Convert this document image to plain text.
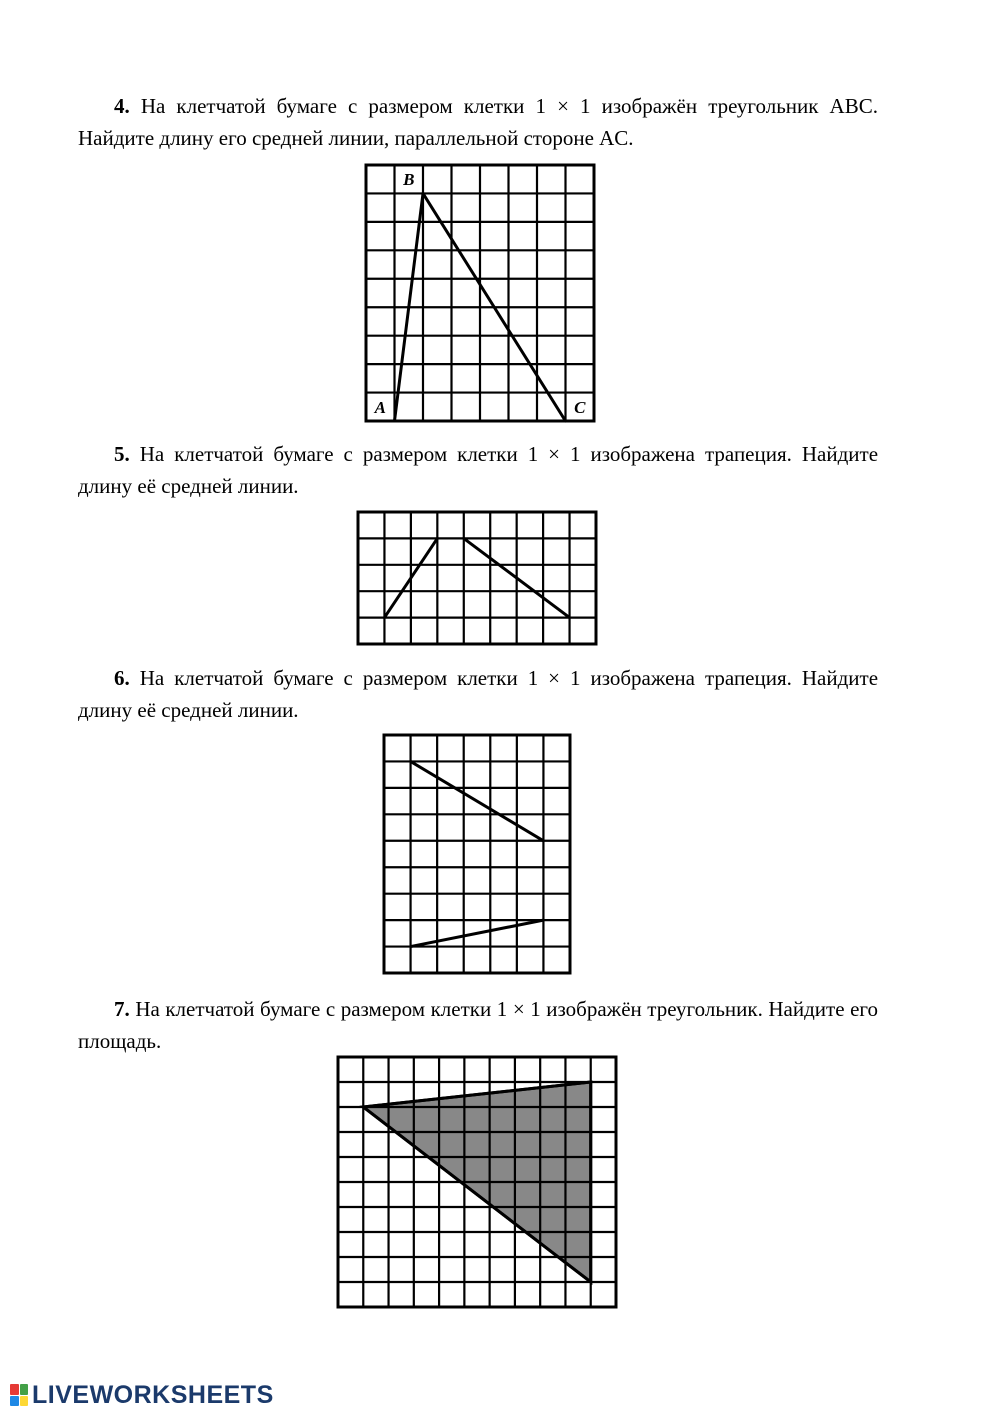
4. На клетчатой бумаге с размером клетки 1 × 1 изображён треугольник ABC. Найдите длину его средней линии, параллельной стороне AC.
B
A	C
5. На клетчатой бумаге с размером клетки 1 × 1 изображена трапеция. Найдите длину её средней линии.
6. На клетчатой бумаге с размером клетки 1 × 1 изображена трапеция. Найдите длину её средней линии.
7. На клетчатой бумаге с размером клетки 1 × 1 изображён треугольник. Найдите его площадь.
LIVEWORKSHEETS
